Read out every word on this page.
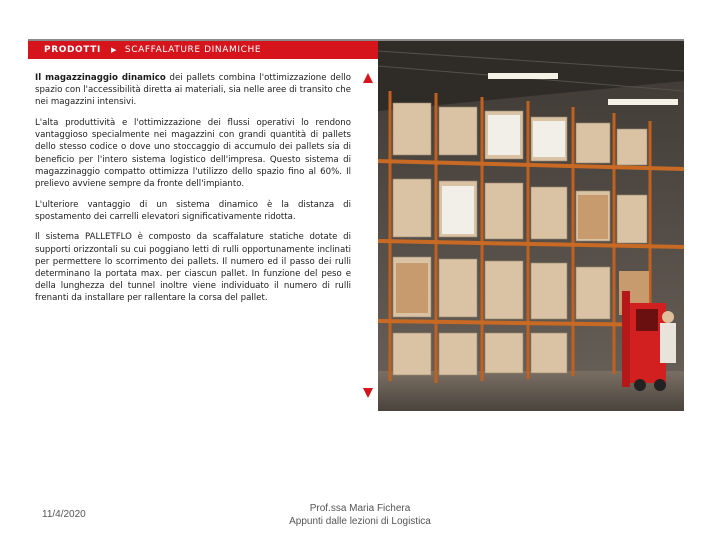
PRODOTTI ▶ SCAFFALATURE DINAMICHE

Il magazzinaggio dinamico dei pallets combina l'ottimizzazione dello spazio con l'accessibilità diretta ai materiali, sia nelle aree di transito che nei magazzini intensivi.

L'alta produttività e l'ottimizzazione dei flussi operativi lo rendono vantaggioso specialmente nei magazzini con grandi quantità di pallets dello stesso codice o dove uno stoccaggio di accumulo dei pallets sia di beneficio per l'intero sistema logistico dell'impresa. Questo sistema di magazzinaggio compatto ottimizza l'utilizzo dello spazio fino al 60%. Il prelievo avviene sempre da fronte dell'impianto.

L'ulteriore vantaggio di un sistema dinamico è la distanza di spostamento dei carrelli elevatori significativamente ridotta.

Il sistema PALLETFLO è composto da scaffalature statiche dotate di supporti orizzontali su cui poggiano letti di rulli opportunamente inclinati per permettere lo scorrimento dei pallets. Il numero ed il passo dei rulli determinano la portata max. per ciascun pallet. In funzione del peso e della lunghezza del tunnel inoltre viene individuato il numero di rulli frenanti da installare per rallentare la corsa del pallet.

11/4/2020
Prof.ssa Maria Fichera
Appunti dalle lezioni di Logistica
